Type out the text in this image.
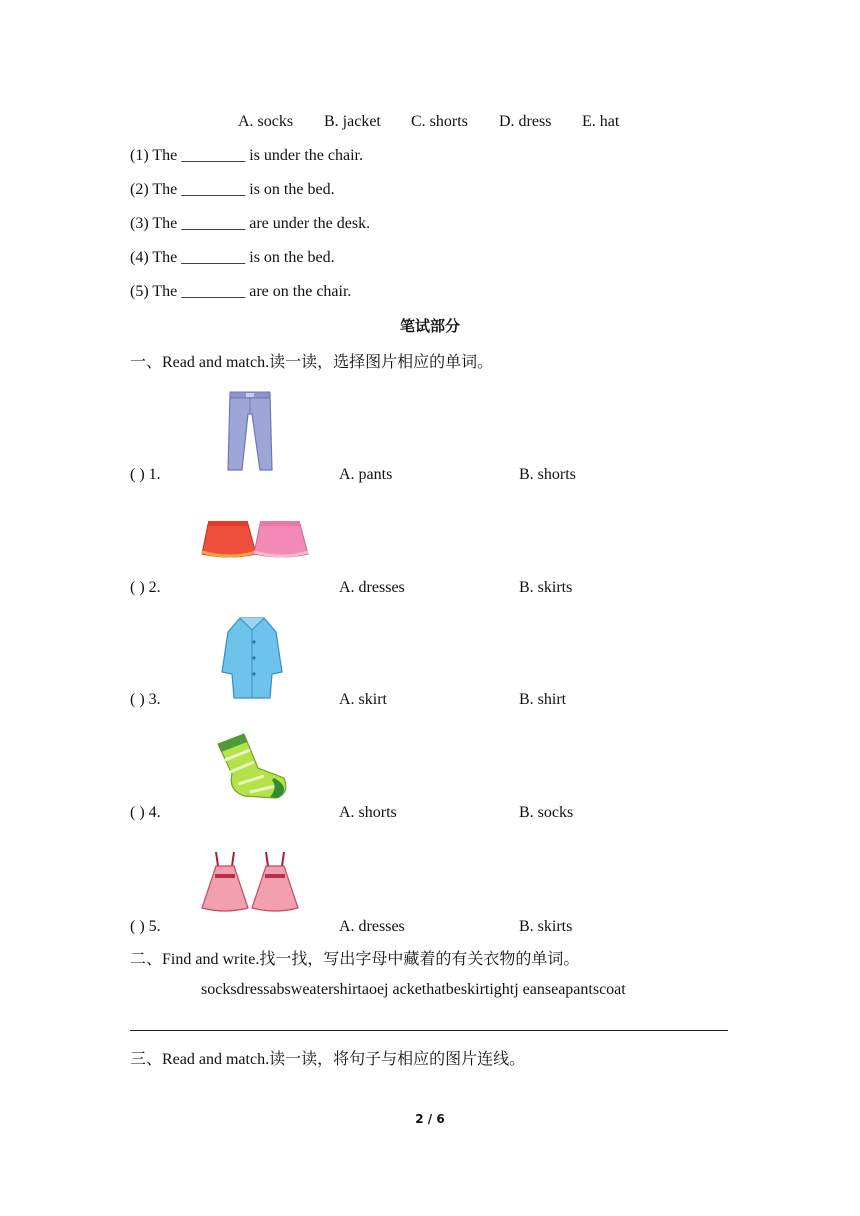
A. socks B. jacket C. shorts D. dress E. hat
(1) The ________ is under the chair.
(2) The ________ is on the bed.
(3) The ________ are under the desk.
(4) The ________ is on the bed.
(5) The ________ are on the chair.
笔试部分
一、Read and match.读一读，选择图片相应的单词。
( ) 1.	A. pants	B. shorts
( ) 2.	A. dresses	B. skirts
( ) 3.	A. skirt	B. shirt
( ) 4.	A. shorts	B. socks
( ) 5.	A. dresses	B. skirts
二、Find and write.找一找，写出字母中藏着的有关衣物的单词。
socksdressabsweatershirtaoej ackethatbeskirtightj eanseapantscoat
三、Read and match.读一读，将句子与相应的图片连线。
2 / 6
